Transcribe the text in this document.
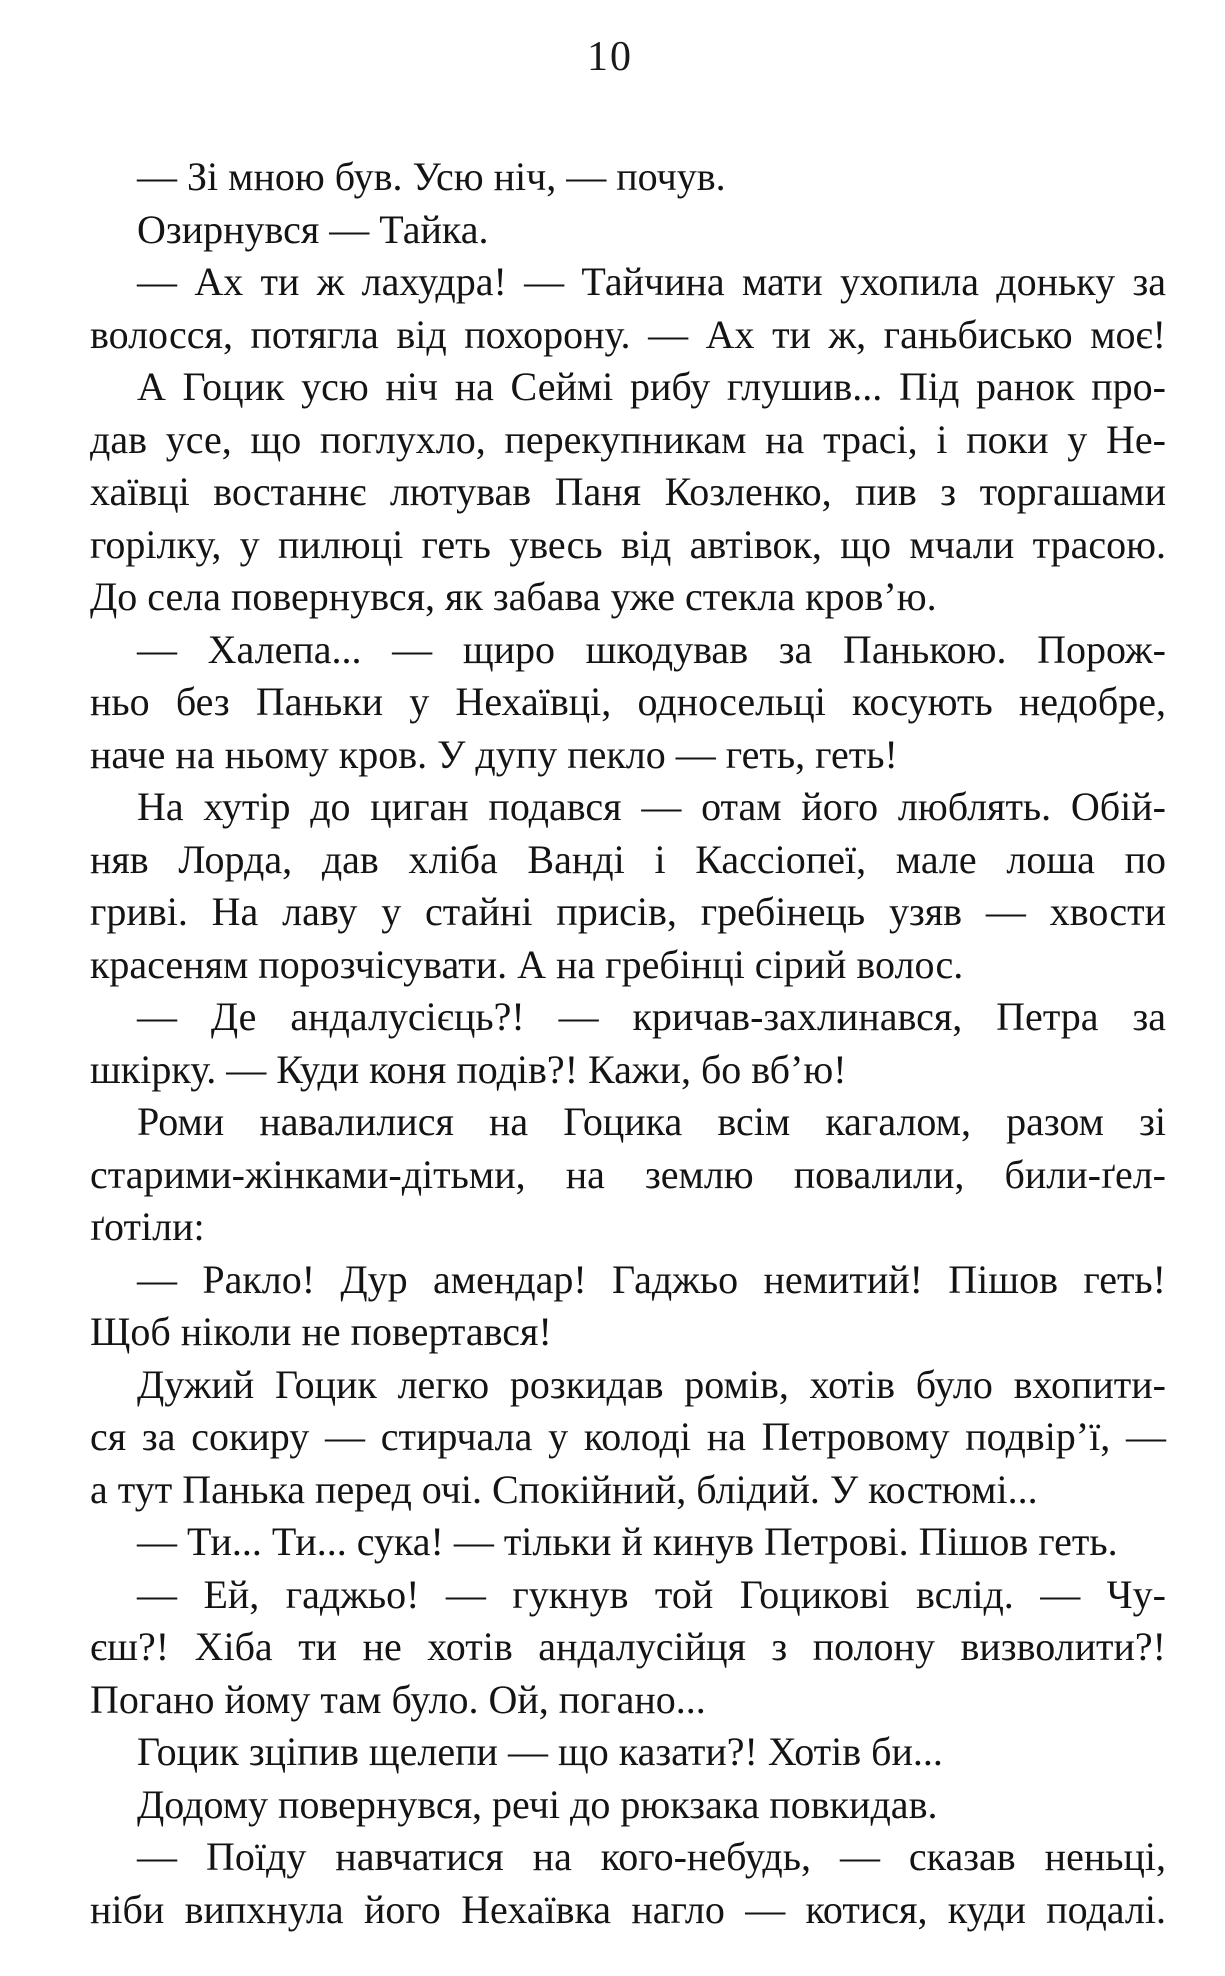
10
— Зі мною був. Усю ніч, — почув.
Озирнувся — Тайка.
— Ах ти ж лахудра! — Тайчина мати ухопила доньку за
волосся, потягла від похорону. — Ах ти ж, ганьбисько моє!
А Гоцик усю ніч на Сеймі рибу глушив... Під ранок про-
дав усе, що поглухло, перекупникам на трасі, і поки у Не-
хаївці востаннє лютував Паня Козленко, пив з торгашами
горілку, у пилюці геть увесь від автівок, що мчали трасою.
До села повернувся, як забава уже стекла кров’ю.
— Халепа... — щиро шкодував за Панькою. Порож-
ньо без Паньки у Нехаївці, односельці косують недобре,
наче на ньому кров. У дупу пекло — геть, геть!
На хутір до циган подався — отам його люблять. Обій-
няв Лорда, дав хліба Ванді і Кассіопеї, мале лоша по
гриві. На лаву у стайні присів, гребінець узяв — хвости
красеням порозчісувати. А на гребінці сірий волос.
— Де андалусієць?! — кричав-захлинався, Петра за
шкірку. — Куди коня подів?! Кажи, бо вб’ю!
Роми навалилися на Гоцика всім кагалом, разом зі
старими-жінками-дітьми, на землю повалили, били-ґел-
ґотіли:
— Ракло! Дур амендар! Гаджьо немитий! Пішов геть!
Щоб ніколи не повертався!
Дужий Гоцик легко розкидав ромів, хотів було вхопити-
ся за сокиру — стирчала у колоді на Петровому подвір’ї, —
а тут Панька перед очі. Спокійний, блідий. У костюмі...
— Ти... Ти... сука! — тільки й кинув Петрові. Пішов геть.
— Ей, гаджьо! — гукнув той Гоцикові вслід. — Чу-
єш?! Хіба ти не хотів андалусійця з полону визволити?!
Погано йому там було. Ой, погано...
Гоцик зціпив щелепи — що казати?! Хотів би...
Додому повернувся, речі до рюкзака повкидав.
— Поїду навчатися на кого-небудь, — сказав неньці,
ніби випхнула його Нехаївка нагло — котися, куди подалі.
